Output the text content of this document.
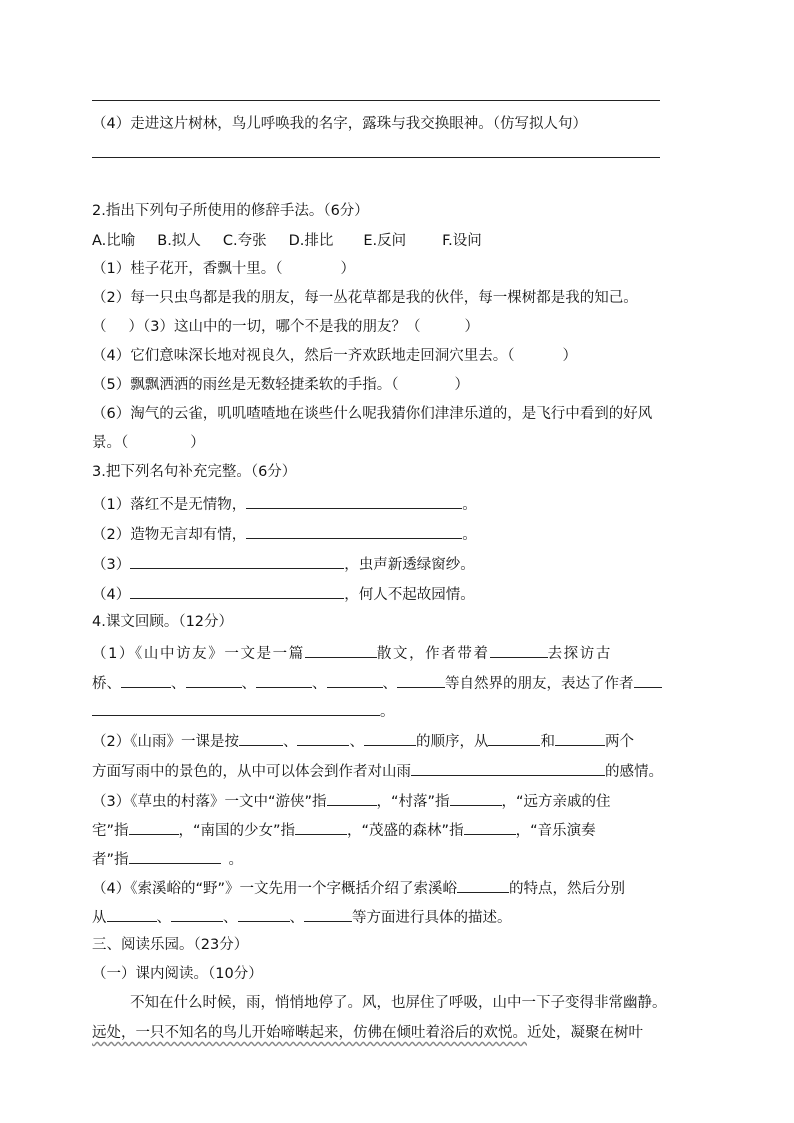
（4）走进这片树林，鸟儿呼唤我的名字，露珠与我交换眼神。（仿写拟人句）
2.指出下列句子所使用的修辞手法。（6分）
A.比喻 B.拟人 C.夸张 D.排比 E.反问 F.设问
（1）桂子花开，香飘十里。（	）
（2）每一只虫鸟都是我的朋友，每一丛花草都是我的伙伴，每一棵树都是我的知己。
（ ）（3）这山中的一切，哪个不是我的朋友？（	）
（4）它们意味深长地对视良久，然后一齐欢跃地走回洞穴里去。（	）
（5）飘飘洒洒的雨丝是无数轻捷柔软的手指。（	）
（6）淘气的云雀，叽叽喳喳地在谈些什么呢我猜你们津津乐道的，是飞行中看到的好风
景。（	）
3.把下列名句补充完整。（6分）
（1）落红不是无情物，	。
（2）造物无言却有情，	。
（3）	，虫声新透绿窗纱。
（4）	，何人不起故园情。
4.课文回顾。（12分）
（1）《山中访友》一文是一篇	散文，作者带着	去探访古
桥、	、	、	、	、	等自然界的朋友，表达了作者
。
（2）《山雨》一课是按	、	、	的顺序，从	和	两个
方面写雨中的景色的，从中可以体会到作者对山雨	的感情。
（3）《草虫的村落》一文中“游侠”指	，“村落”指	，“远方亲戚的住
宅”指	，“南国的少女”指	，“茂盛的森林”指	，“音乐演奏
者”指	。
（4）《索溪峪的“野”》一文先用一个字概括介绍了索溪峪	的特点，然后分别
从	、	、	、	等方面进行具体的描述。
三、阅读乐园。（23分）
（一）课内阅读。（10分）
不知在什么时候，雨，悄悄地停了。风，也屏住了呼吸，山中一下子变得非常幽静。
远处，一只不知名的鸟儿开始啼啭起来，仿佛在倾吐着浴后的欢悦。近处，凝聚在树叶
